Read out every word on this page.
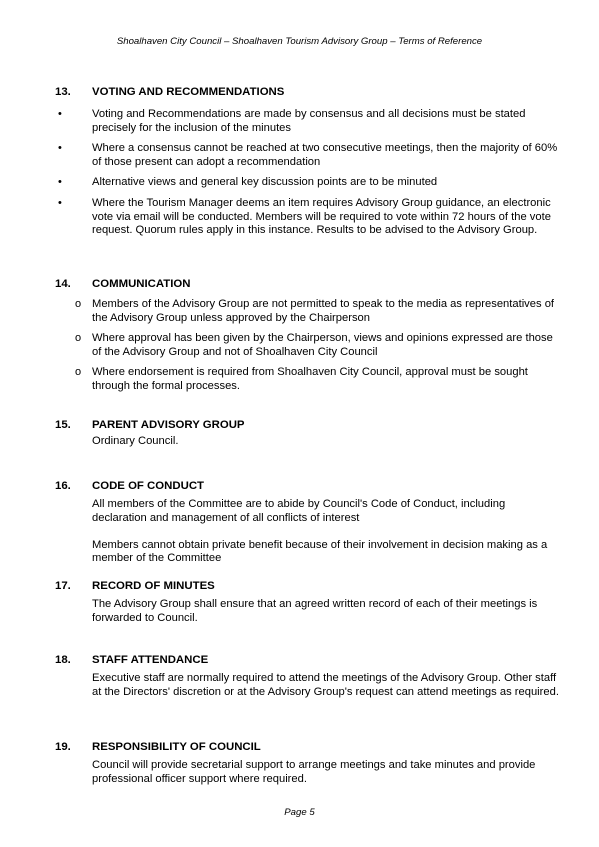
Shoalhaven City Council – Shoalhaven Tourism Advisory Group – Terms of Reference
13. VOTING AND RECOMMENDATIONS
•	Voting and Recommendations are made by consensus and all decisions must be stated precisely for the inclusion of the minutes
•	Where a consensus cannot be reached at two consecutive meetings, then the majority of 60% of those present can adopt a recommendation
•	Alternative views and general key discussion points are to be minuted
•	Where the Tourism Manager deems an item requires Advisory Group guidance, an electronic vote via email will be conducted. Members will be required to vote within 72 hours of the vote request. Quorum rules apply in this instance. Results to be advised to the Advisory Group.
14. COMMUNICATION
o Members of the Advisory Group are not permitted to speak to the media as representatives of the Advisory Group unless approved by the Chairperson
o Where approval has been given by the Chairperson, views and opinions expressed are those of the Advisory Group and not of Shoalhaven City Council
o Where endorsement is required from Shoalhaven City Council, approval must be sought through the formal processes.
15. PARENT ADVISORY GROUP
Ordinary Council.
16. CODE OF CONDUCT
All members of the Committee are to abide by Council's Code of Conduct, including declaration and management of all conflicts of interest
Members cannot obtain private benefit because of their involvement in decision making as a member of the Committee
17. RECORD OF MINUTES
The Advisory Group shall ensure that an agreed written record of each of their meetings is forwarded to Council.
18. STAFF ATTENDANCE
Executive staff are normally required to attend the meetings of the Advisory Group. Other staff at the Directors' discretion or at the Advisory Group's request can attend meetings as required.
19. RESPONSIBILITY OF COUNCIL
Council will provide secretarial support to arrange meetings and take minutes and provide professional officer support where required.
Page 5
